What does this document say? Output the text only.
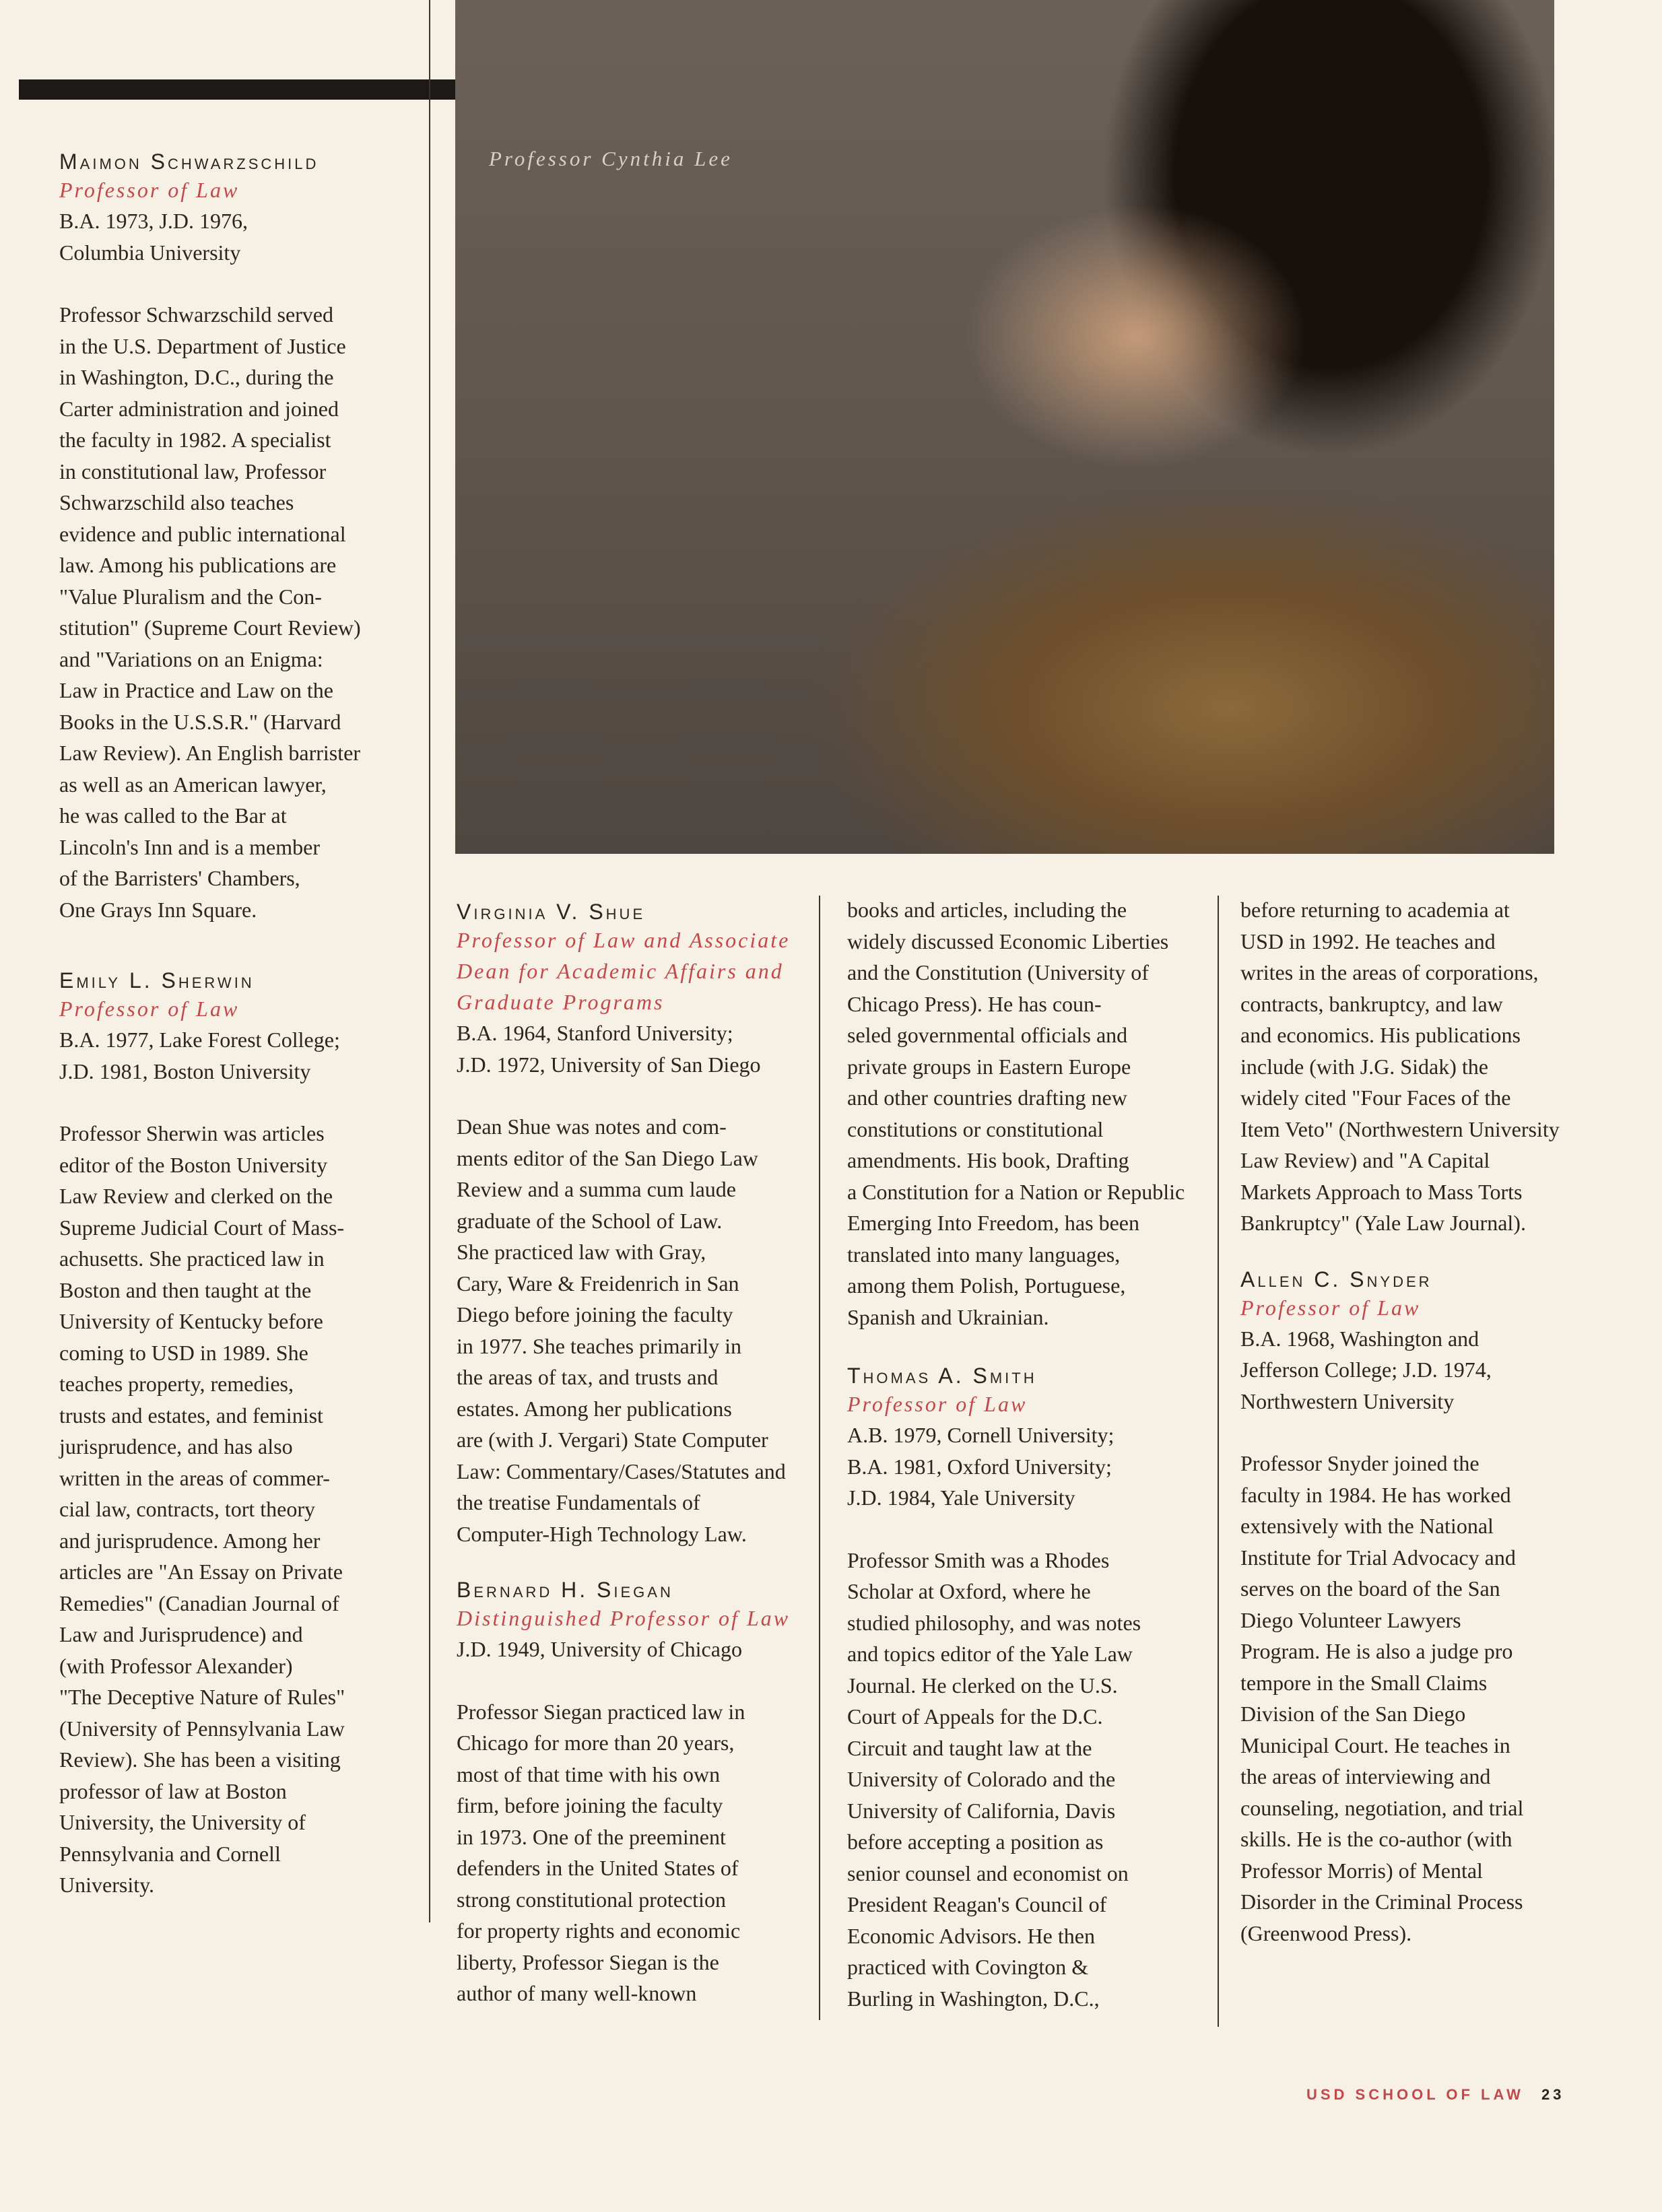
Professor Cynthia Lee

Maimon Schwarzschild

Professor of Law

B.A. 1973, J.D. 1976,
Columbia University

Professor Schwarzschild served
in the U.S. Department of Justice
in Washington, D.C., during the
Carter administration and joined
the faculty in 1982. A specialist
in constitutional law, Professor
Schwarzschild also teaches
evidence and public international
law. Among his publications are
"Value Pluralism and the Con-
stitution" (Supreme Court Review)
and "Variations on an Enigma:
Law in Practice and Law on the
Books in the U.S.S.R." (Harvard
Law Review). An English barrister
as well as an American lawyer,
he was called to the Bar at
Lincoln's Inn and is a member
of the Barristers' Chambers,
One Grays Inn Square.

Emily L. Sherwin

Professor of Law

B.A. 1977, Lake Forest College;
J.D. 1981, Boston University

Professor Sherwin was articles
editor of the Boston University
Law Review and clerked on the
Supreme Judicial Court of Mass-
achusetts. She practiced law in
Boston and then taught at the
University of Kentucky before
coming to USD in 1989. She
teaches property, remedies,
trusts and estates, and feminist
jurisprudence, and has also
written in the areas of commer-
cial law, contracts, tort theory
and jurisprudence. Among her
articles are "An Essay on Private
Remedies" (Canadian Journal of
Law and Jurisprudence) and
(with Professor Alexander)
"The Deceptive Nature of Rules"
(University of Pennsylvania Law
Review). She has been a visiting
professor of law at Boston
University, the University of
Pennsylvania and Cornell
University.

Virginia V. Shue

Professor of Law and Associate
Dean for Academic Affairs and
Graduate Programs

B.A. 1964, Stanford University;
J.D. 1972, University of San Diego

Dean Shue was notes and com-
ments editor of the San Diego Law
Review and a summa cum laude
graduate of the School of Law.
She practiced law with Gray,
Cary, Ware & Freidenrich in San
Diego before joining the faculty
in 1977. She teaches primarily in
the areas of tax, and trusts and
estates. Among her publications
are (with J. Vergari) State Computer
Law: Commentary/Cases/Statutes and
the treatise Fundamentals of
Computer-High Technology Law.

Bernard H. Siegan

Distinguished Professor of Law

J.D. 1949, University of Chicago

Professor Siegan practiced law in
Chicago for more than 20 years,
most of that time with his own
firm, before joining the faculty
in 1973. One of the preeminent
defenders in the United States of
strong constitutional protection
for property rights and economic
liberty, Professor Siegan is the
author of many well-known

books and articles, including the
widely discussed Economic Liberties
and the Constitution (University of
Chicago Press). He has coun-
seled governmental officials and
private groups in Eastern Europe
and other countries drafting new
constitutions or constitutional
amendments. His book, Drafting
a Constitution for a Nation or Republic
Emerging Into Freedom, has been
translated into many languages,
among them Polish, Portuguese,
Spanish and Ukrainian.

Thomas A. Smith

Professor of Law

A.B. 1979, Cornell University;
B.A. 1981, Oxford University;
J.D. 1984, Yale University

Professor Smith was a Rhodes
Scholar at Oxford, where he
studied philosophy, and was notes
and topics editor of the Yale Law
Journal. He clerked on the U.S.
Court of Appeals for the D.C.
Circuit and taught law at the
University of Colorado and the
University of California, Davis
before accepting a position as
senior counsel and economist on
President Reagan's Council of
Economic Advisors. He then
practiced with Covington &
Burling in Washington, D.C.,

before returning to academia at
USD in 1992. He teaches and
writes in the areas of corporations,
contracts, bankruptcy, and law
and economics. His publications
include (with J.G. Sidak) the
widely cited "Four Faces of the
Item Veto" (Northwestern University
Law Review) and "A Capital
Markets Approach to Mass Torts
Bankruptcy" (Yale Law Journal).

Allen C. Snyder

Professor of Law

B.A. 1968, Washington and
Jefferson College; J.D. 1974,
Northwestern University

Professor Snyder joined the
faculty in 1984. He has worked
extensively with the National
Institute for Trial Advocacy and
serves on the board of the San
Diego Volunteer Lawyers
Program. He is also a judge pro
tempore in the Small Claims
Division of the San Diego
Municipal Court. He teaches in
the areas of interviewing and
counseling, negotiation, and trial
skills. He is the co-author (with
Professor Morris) of Mental
Disorder in the Criminal Process
(Greenwood Press).

USD SCHOOL OF LAW 23
